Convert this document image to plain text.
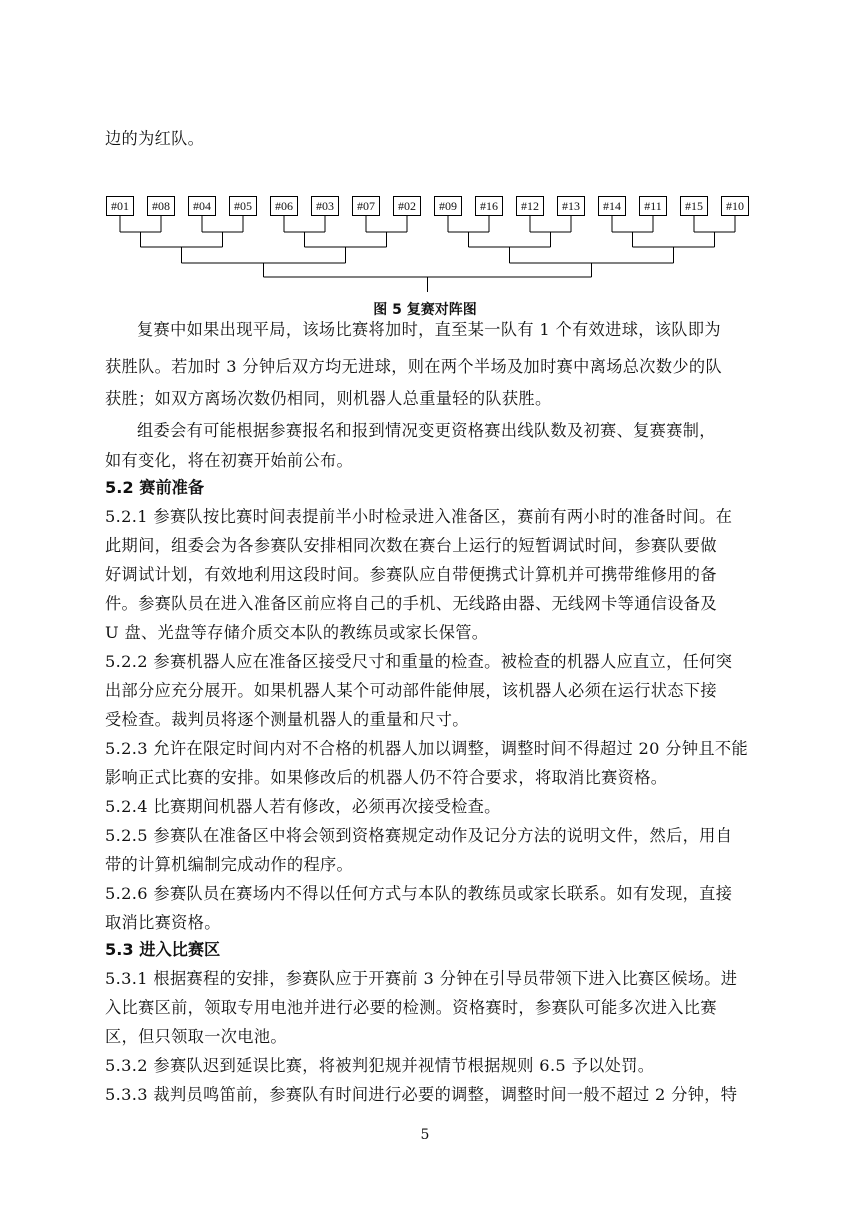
边的为红队。
#01	#08	#04	#05	#06	#03	#07	#02	#09	#16	#12	#13	#14	#11	#15	#10
图 5 复赛对阵图
复赛中如果出现平局，该场比赛将加时，直至某一队有 1 个有效进球，该队即为
获胜队。若加时 3 分钟后双方均无进球，则在两个半场及加时赛中离场总次数少的队
获胜；如双方离场次数仍相同，则机器人总重量轻的队获胜。
组委会有可能根据参赛报名和报到情况变更资格赛出线队数及初赛、复赛赛制，
如有变化，将在初赛开始前公布。
5.2 赛前准备
5.2.1 参赛队按比赛时间表提前半小时检录进入准备区，赛前有两小时的准备时间。在
此期间，组委会为各参赛队安排相同次数在赛台上运行的短暂调试时间，参赛队要做
好调试计划，有效地利用这段时间。参赛队应自带便携式计算机并可携带维修用的备
件。参赛队员在进入准备区前应将自己的手机、无线路由器、无线网卡等通信设备及
U 盘、光盘等存储介质交本队的教练员或家长保管。
5.2.2 参赛机器人应在准备区接受尺寸和重量的检查。被检查的机器人应直立，任何突
出部分应充分展开。如果机器人某个可动部件能伸展，该机器人必须在运行状态下接
受检查。裁判员将逐个测量机器人的重量和尺寸。
5.2.3 允许在限定时间内对不合格的机器人加以调整，调整时间不得超过 20 分钟且不能
影响正式比赛的安排。如果修改后的机器人仍不符合要求，将取消比赛资格。
5.2.4 比赛期间机器人若有修改，必须再次接受检查。
5.2.5 参赛队在准备区中将会领到资格赛规定动作及记分方法的说明文件，然后，用自
带的计算机编制完成动作的程序。
5.2.6 参赛队员在赛场内不得以任何方式与本队的教练员或家长联系。如有发现，直接
取消比赛资格。
5.3 进入比赛区
5.3.1 根据赛程的安排，参赛队应于开赛前 3 分钟在引导员带领下进入比赛区候场。进
入比赛区前，领取专用电池并进行必要的检测。资格赛时，参赛队可能多次进入比赛
区，但只领取一次电池。
5.3.2 参赛队迟到延误比赛，将被判犯规并视情节根据规则 6.5 予以处罚。
5.3.3 裁判员鸣笛前，参赛队有时间进行必要的调整，调整时间一般不超过 2 分钟，特
5
